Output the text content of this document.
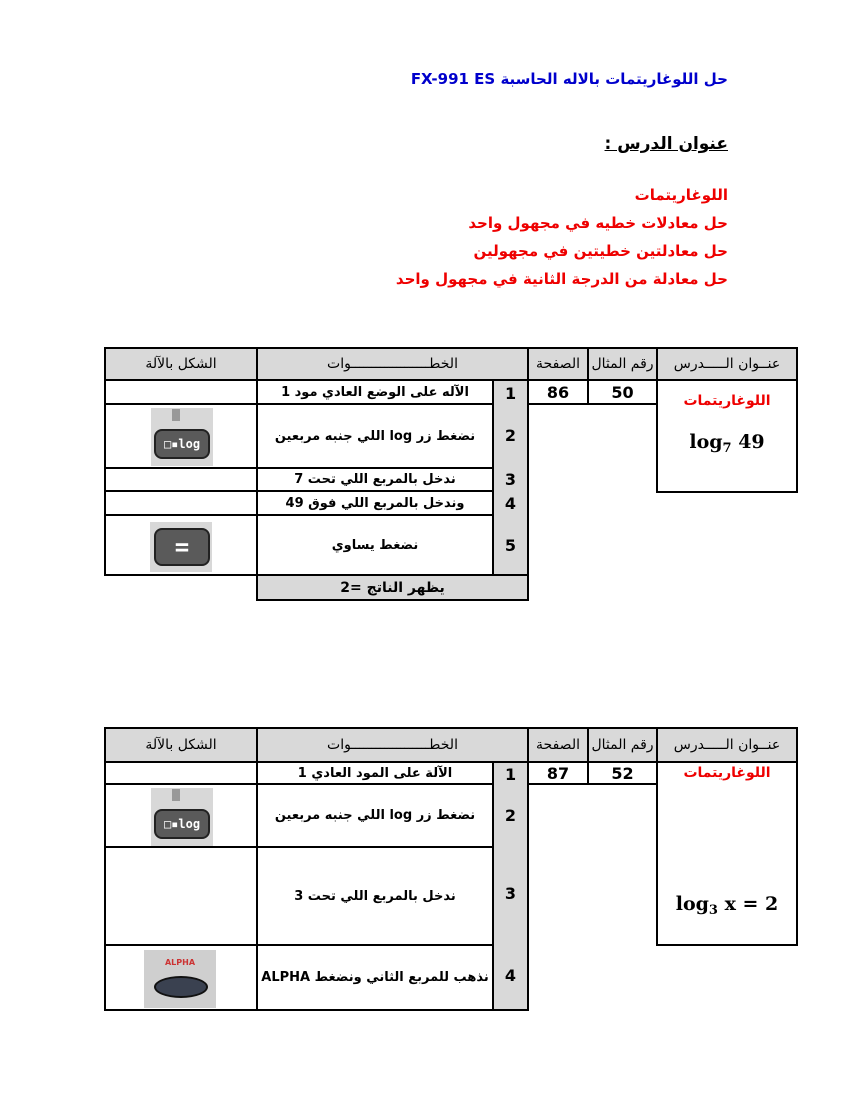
حل اللوغاريتمات بالاله الحاسبة FX-991 ES
عنوان الدرس :
اللوغاريتمات
حل معادلات خطيه في مجهول واحد
حل معادلتين خطيتين في مجهولين
حل معادلة من الدرجة الثانية في مجهول واحد
عنــوان الـــــدرس
رقم المثال
الصفحة
الخطـــــــــــــــــــوات
الشكل بالآلة
اللوغاريتمات
$\log_7 49$
50
86
1
2
3
4
5
الآله على الوضع العادي مود 1
نضغط زر log اللي جنبه مربعين
ندخل بالمربع اللي تحت 7
وندخل بالمربع اللي فوق 49
نضغط يساوي
log▪□
=
يظهر الناتج =2
عنــوان الـــــدرس
رقم المثال
الصفحة
الخطـــــــــــــــــــوات
الشكل بالآلة
اللوغاريتمات
$\log_3 x = 2$
52
87
1
2
3
4
الآلة على المود العادي 1
نضغط زر log اللي جنبه مربعين
ندخل بالمربع اللي تحت 3
نذهب للمربع الثاني ونضغط ALPHA
log▪□
ALPHA
